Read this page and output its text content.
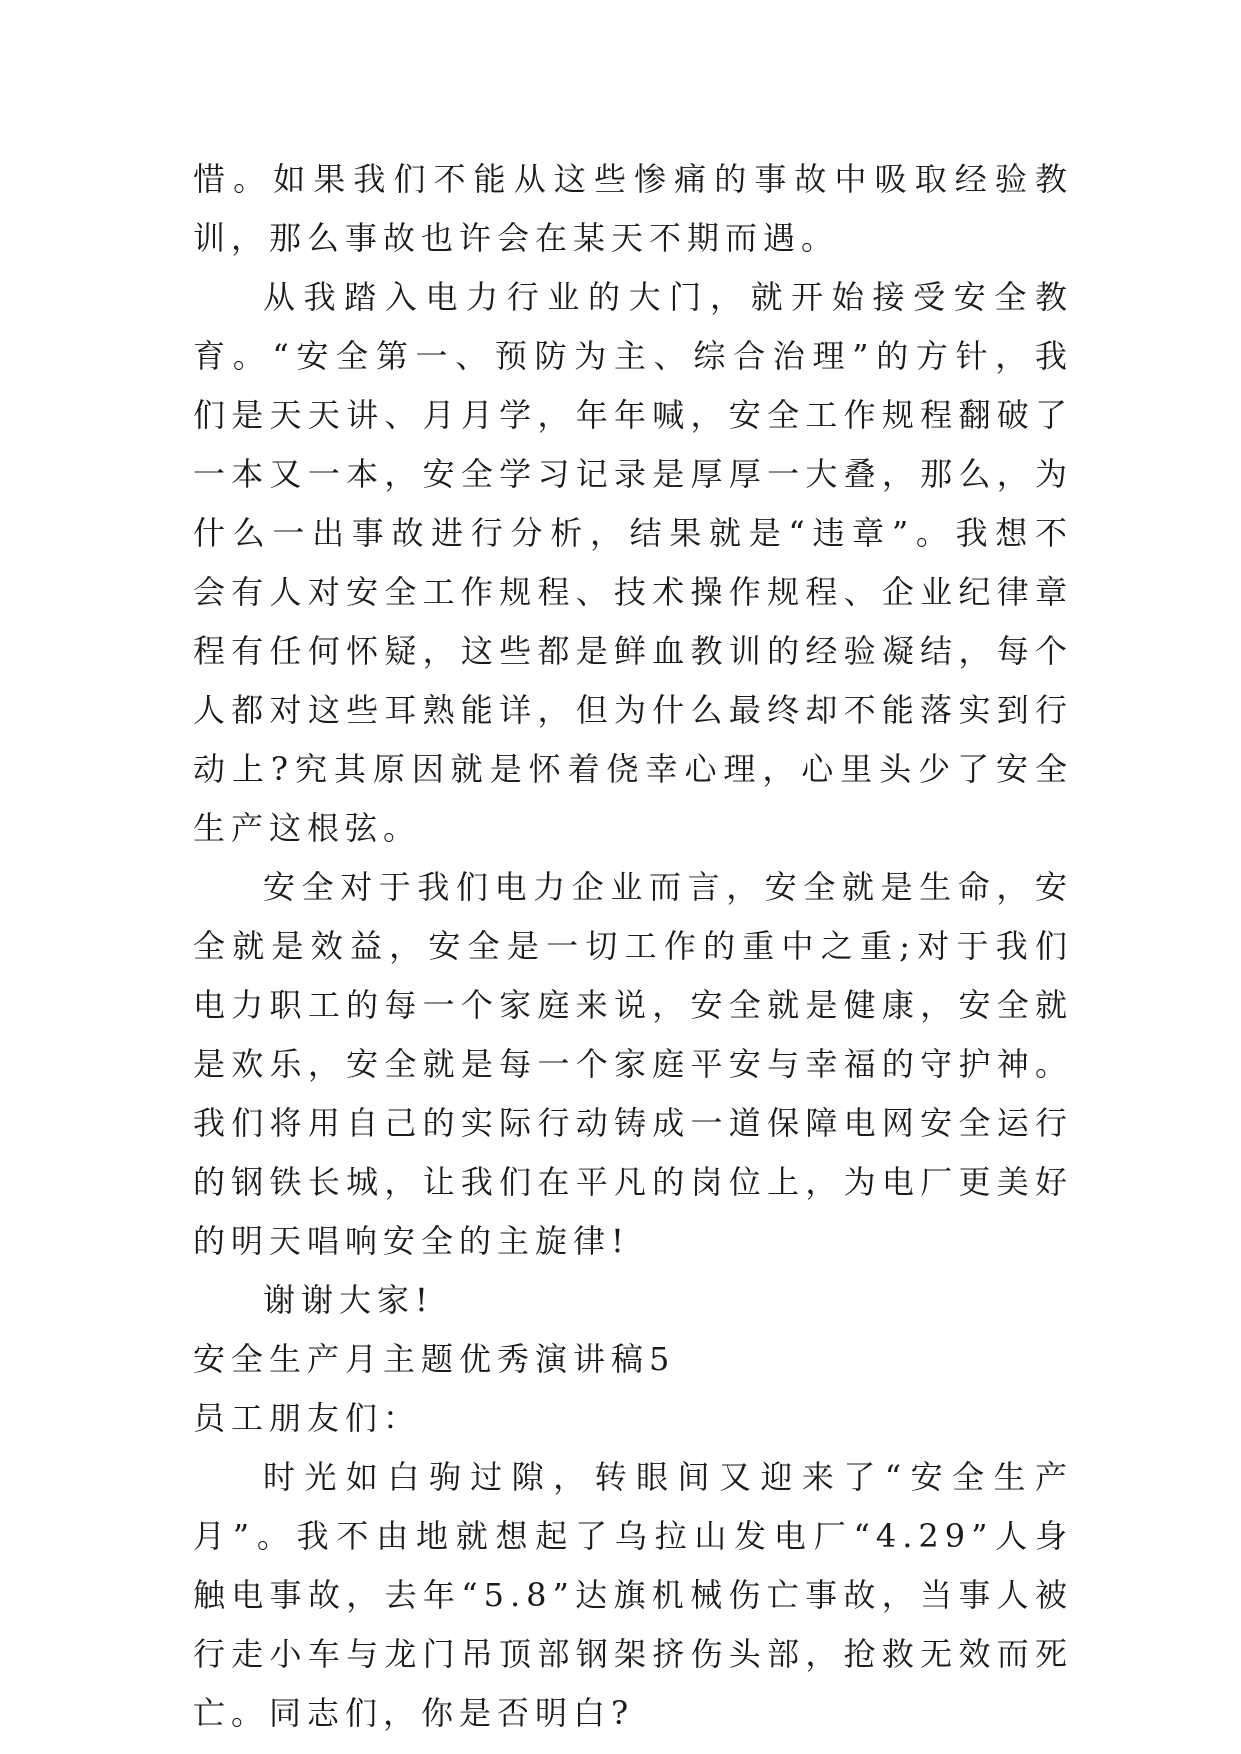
惜。如果我们不能从这些惨痛的事故中吸取经验教训，那么事故也许会在某天不期而遇。

从我踏入电力行业的大门，就开始接受安全教育。“安全第一、预防为主、综合治理”的方针，我们是天天讲、月月学，年年喊，安全工作规程翻破了一本又一本，安全学习记录是厚厚一大叠，那么，为什么一出事故进行分析，结果就是“违章”。我想不会有人对安全工作规程、技术操作规程、企业纪律章程有任何怀疑，这些都是鲜血教训的经验凝结，每个人都对这些耳熟能详，但为什么最终却不能落实到行动上?究其原因就是怀着侥幸心理，心里头少了安全生产这根弦。

安全对于我们电力企业而言，安全就是生命，安全就是效益，安全是一切工作的重中之重;对于我们电力职工的每一个家庭来说，安全就是健康，安全就是欢乐，安全就是每一个家庭平安与幸福的守护神。我们将用自己的实际行动铸成一道保障电网安全运行的钢铁长城，让我们在平凡的岗位上，为电厂更美好的明天唱响安全的主旋律!

谢谢大家!

安全生产月主题优秀演讲稿5

员工朋友们：

时光如白驹过隙，转眼间又迎来了“安全生产月”。我不由地就想起了乌拉山发电厂“4.29”人身触电事故，去年“5.8”达旗机械伤亡事故，当事人被行走小车与龙门吊顶部钢架挤伤头部，抢救无效而死亡。同志们，你是否明白?
